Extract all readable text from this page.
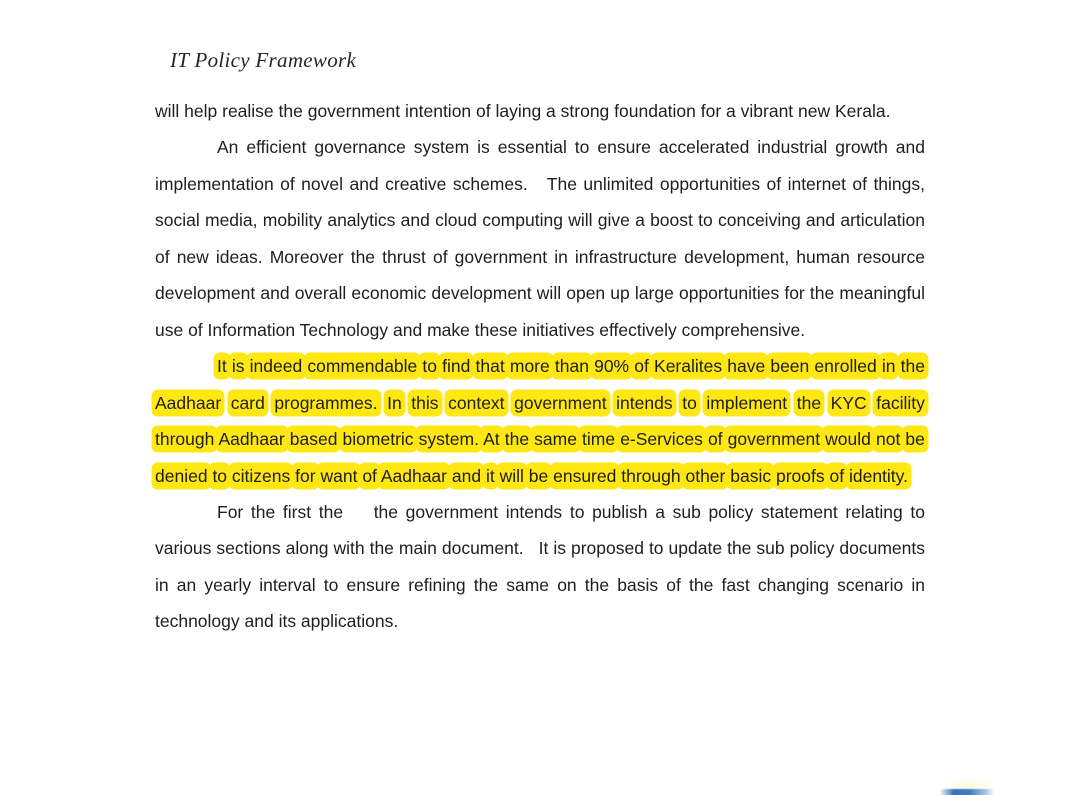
IT Policy Framework

will help realise the government intention of laying a strong foundation for a vibrant new Kerala.

An efficient governance system is essential to ensure accelerated industrial growth and implementation of novel and creative schemes.   The unlimited opportunities of internet of things, social media, mobility analytics and cloud computing will give a boost to conceiving and articulation of new ideas. Moreover the thrust of government in infrastructure development, human resource development and overall economic development will open up large opportunities for the meaningful use of Information Technology and make these initiatives effectively comprehensive.

It is indeed commendable to find that more than 90% of Keralites have been enrolled in the Aadhaar card programmes. In this context government intends to implement the KYC facility through Aadhaar based biometric system. At the same time e-Services of government would not be denied to citizens for want of Aadhaar and it will be ensured through other basic proofs of identity.

For the first the    the government intends to publish a sub policy statement relating to various sections along with the main document.   It is proposed to update the sub policy documents in an yearly interval to ensure refining the same on the basis of the fast changing scenario in technology and its applications.
